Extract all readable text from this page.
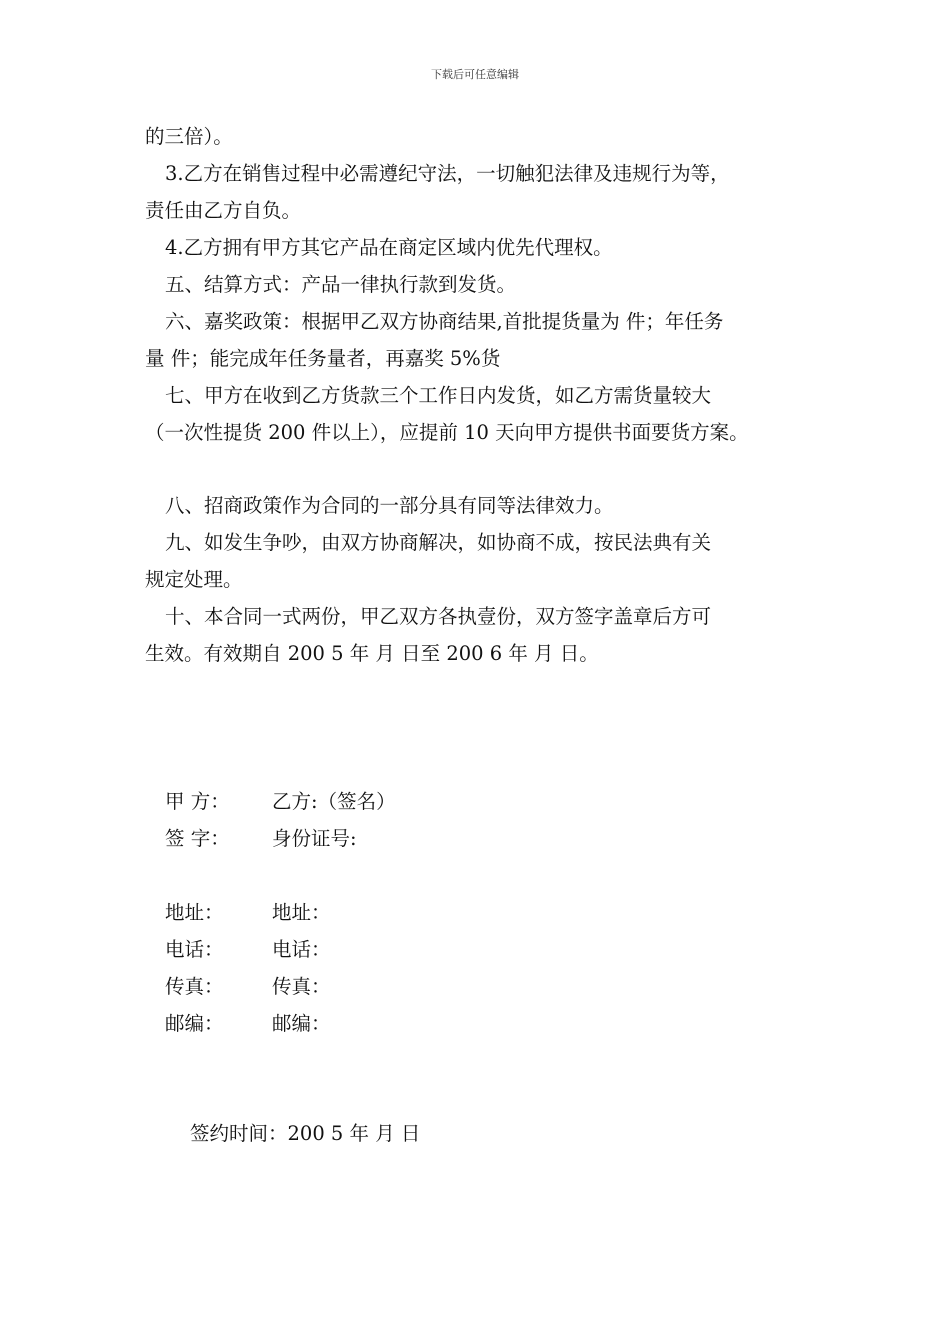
下载后可任意编辑

的三倍）。

3.乙方在销售过程中必需遵纪守法，一切触犯法律及违规行为等，

责任由乙方自负。

4.乙方拥有甲方其它产品在商定区域内优先代理权。

五、结算方式：产品一律执行款到发货。

六、嘉奖政策：根据甲乙双方协商结果,首批提货量为 件；年任务

量 件；能完成年任务量者，再嘉奖 5%货

七、甲方在收到乙方货款三个工作日内发货，如乙方需货量较大

（一次性提货 200 件以上），应提前 10 天向甲方提供书面要货方案。

八、招商政策作为合同的一部分具有同等法律效力。

九、如发生争吵，由双方协商解决，如协商不成，按民法典有关

规定处理。

十、本合同一式两份，甲乙双方各执壹份，双方签字盖章后方可

生效。有效期自 200 5 年 月 日至 200 6 年 月 日。

甲 方：	乙方:（签名）
签 字：	身份证号:
地址：	地址：
电话：	电话：
传真：	传真：
邮编：	邮编：
签约时间：200 5 年 月 日
